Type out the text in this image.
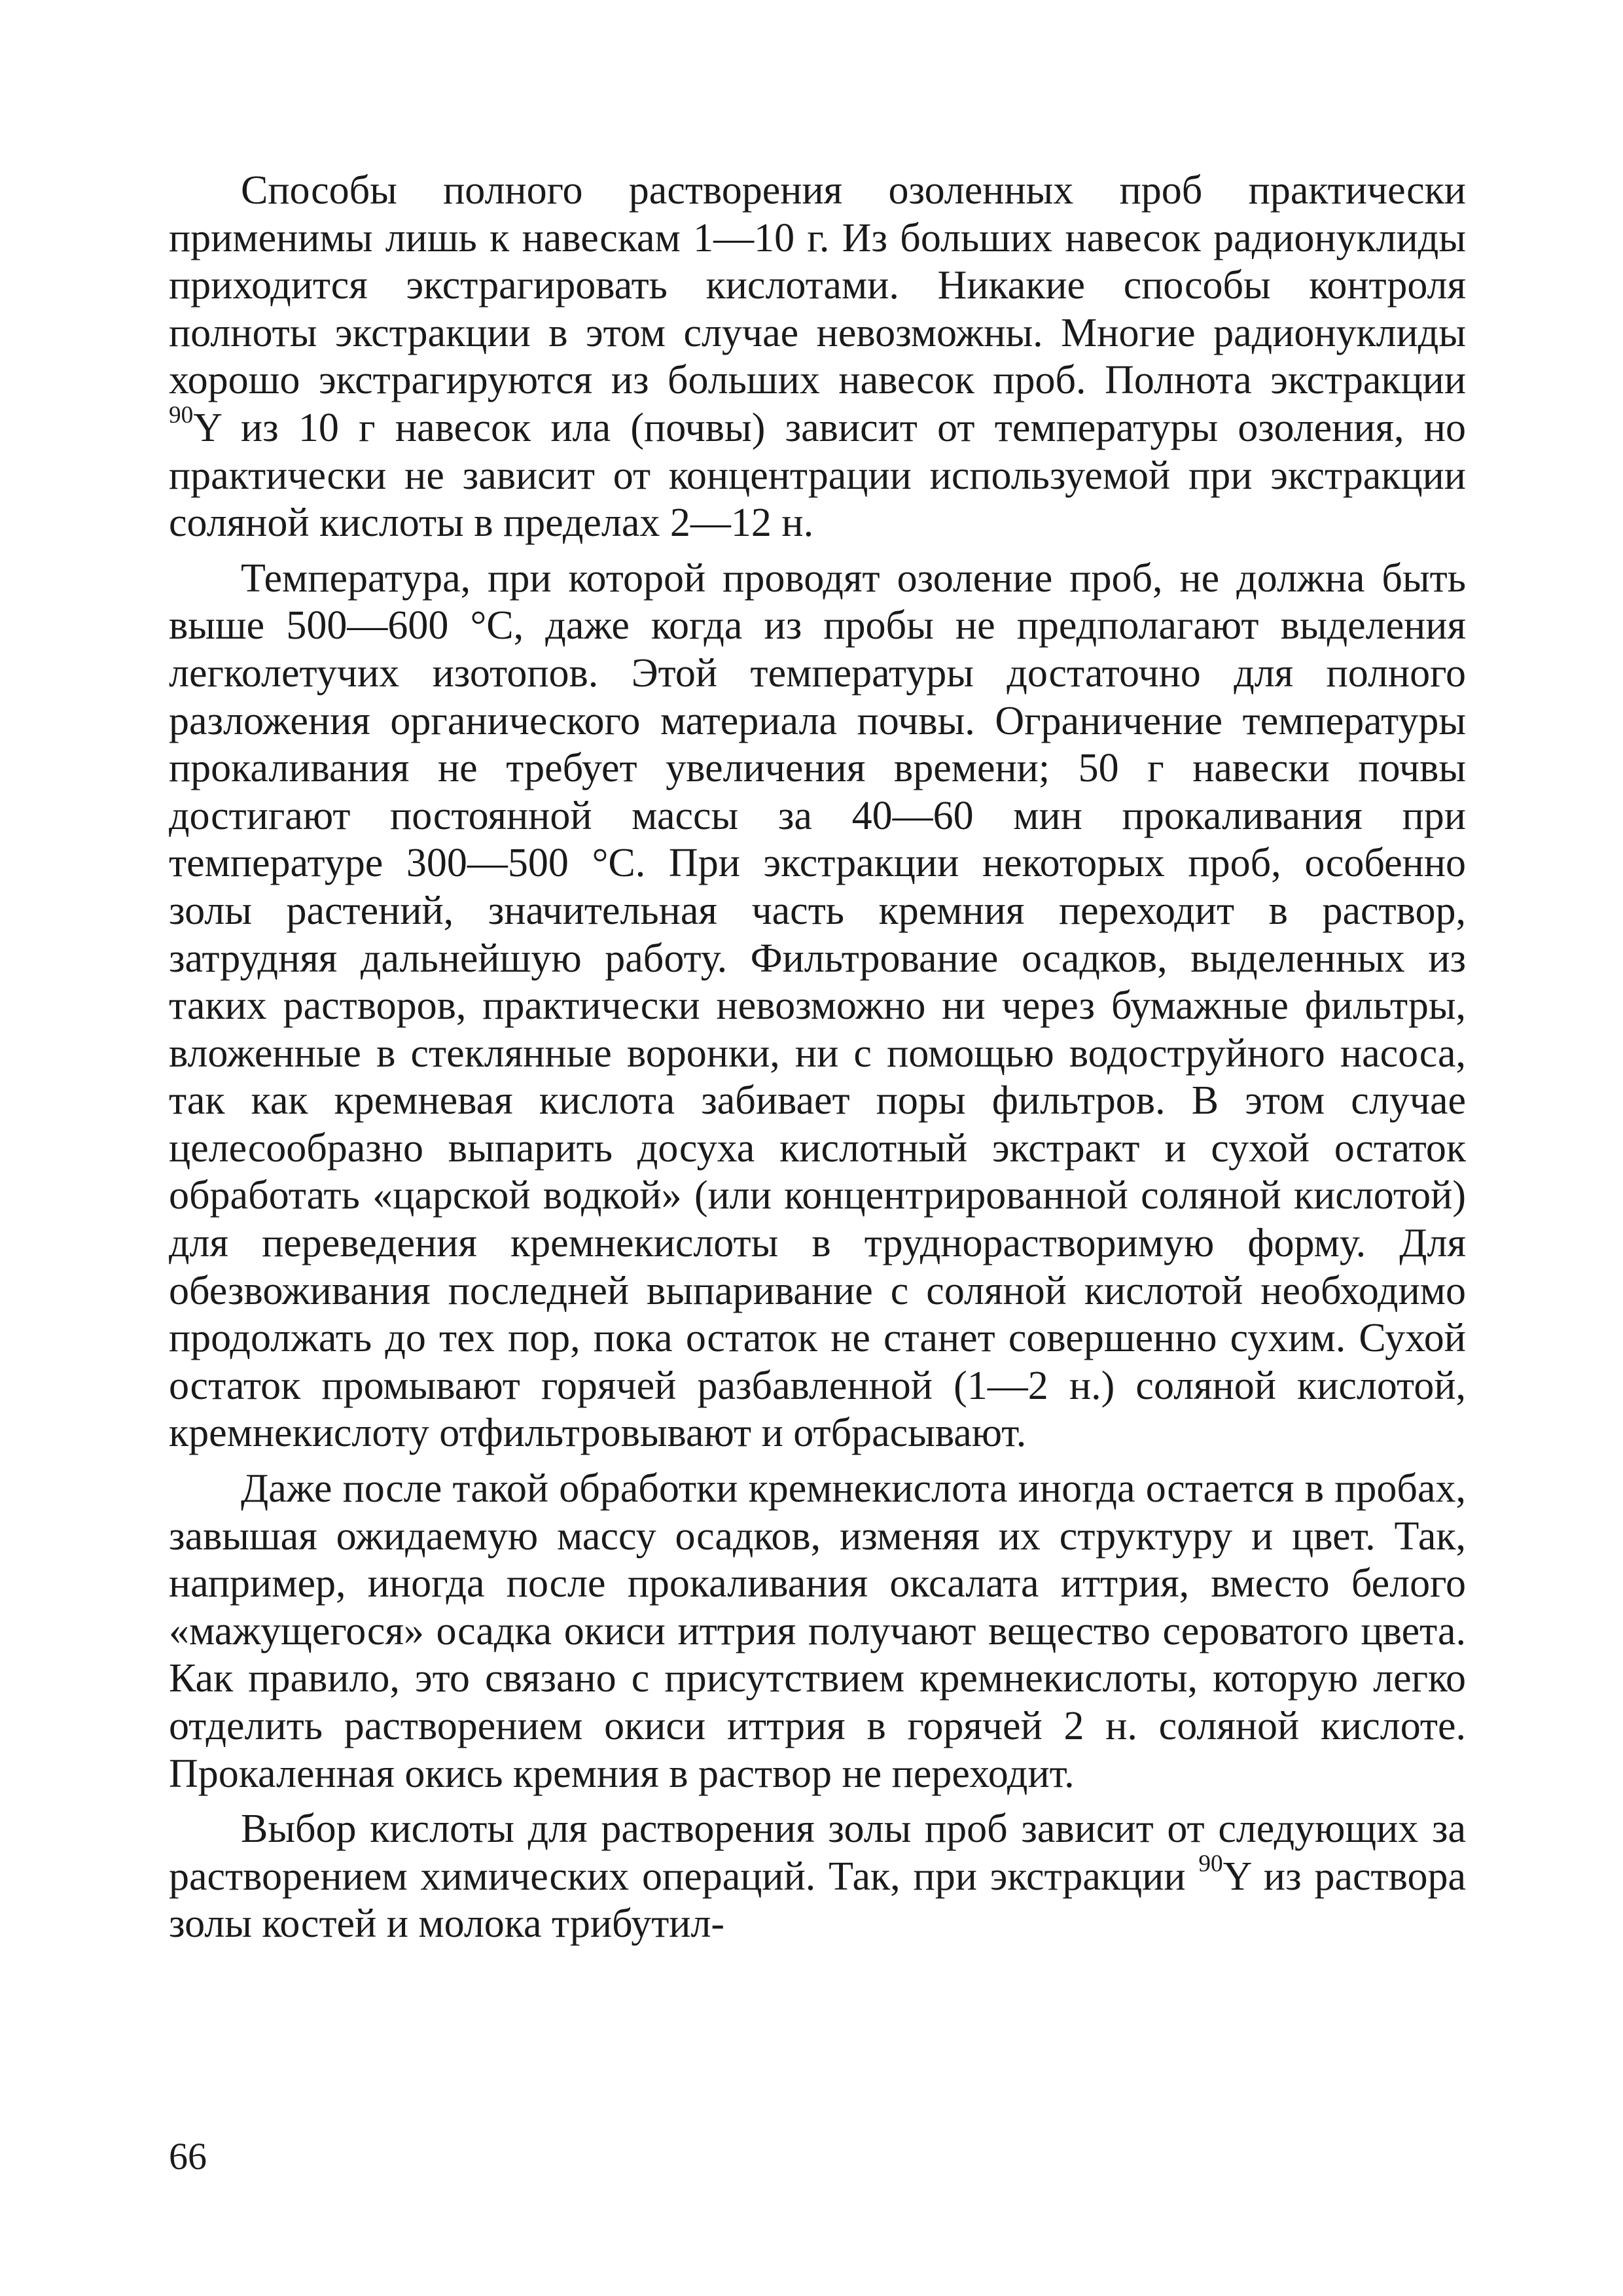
Способы полного растворения озоленных проб практически применимы лишь к навескам 1—10 г. Из больших навесок радионуклиды приходится экстрагировать кислотами. Никакие способы контроля полноты экстракции в этом случае невозможны. Многие радионуклиды хорошо экстрагируются из больших навесок проб. Полнота экстракции $^{90}$Y из 10 г навесок ила (почвы) зависит от температуры озоления, но практически не зависит от концентрации используемой при экстракции соляной кислоты в пределах 2—12 н.

Температура, при которой проводят озоление проб, не должна быть выше 500—600 °С, даже когда из пробы не предполагают выделения легколетучих изотопов. Этой температуры достаточно для полного разложения органического материала почвы. Ограничение температуры прокаливания не требует увеличения времени; 50 г навески почвы достигают постоянной массы за 40—60 мин прокаливания при температуре 300—500 °С. При экстракции некоторых проб, особенно золы растений, значительная часть кремния переходит в раствор, затрудняя дальнейшую работу. Фильтрование осадков, выделенных из таких растворов, практически невозможно ни через бумажные фильтры, вложенные в стеклянные воронки, ни с помощью водоструйного насоса, так как кремневая кислота забивает поры фильтров. В этом случае целесообразно выпарить досуха кислотный экстракт и сухой остаток обработать «царской водкой» (или концентрированной соляной кислотой) для переведения кремнекислоты в труднорастворимую форму. Для обезвоживания последней выпаривание с соляной кислотой необходимо продолжать до тех пор, пока остаток не станет совершенно сухим. Сухой остаток промывают горячей разбавленной (1—2 н.) соляной кислотой, кремнекислоту отфильтровывают и отбрасывают.

Даже после такой обработки кремнекислота иногда остается в пробах, завышая ожидаемую массу осадков, изменяя их структуру и цвет. Так, например, иногда после прокаливания оксалата иттрия, вместо белого «мажущегося» осадка окиси иттрия получают вещество сероватого цвета. Как правило, это связано с присутствием кремнекислоты, которую легко отделить растворением окиси иттрия в горячей 2 н. соляной кислоте. Прокаленная окись кремния в раствор не переходит.

Выбор кислоты для растворения золы проб зависит от следующих за растворением химических операций. Так, при экстракции $^{90}$Y из раствора золы костей и молока трибутил-

66
